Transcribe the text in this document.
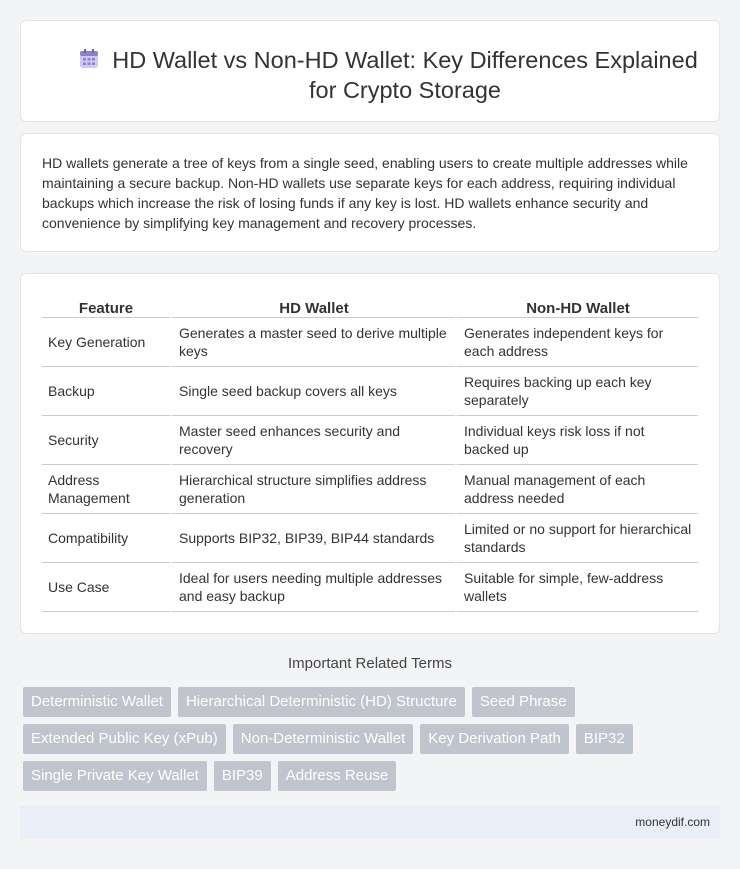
HD Wallet vs Non-HD Wallet: Key Differences Explained for Crypto Storage

HD wallets generate a tree of keys from a single seed, enabling users to create multiple addresses while maintaining a secure backup. Non-HD wallets use separate keys for each address, requiring individual backups which increase the risk of losing funds if any key is lost. HD wallets enhance security and convenience by simplifying key management and recovery processes.

Feature	HD Wallet	Non-HD Wallet
Key Generation	Generates a master seed to derive multiple keys	Generates independent keys for each address
Backup	Single seed backup covers all keys	Requires backing up each key separately
Security	Master seed enhances security and recovery	Individual keys risk loss if not backed up
Address Management	Hierarchical structure simplifies address generation	Manual management of each address needed
Compatibility	Supports BIP32, BIP39, BIP44 standards	Limited or no support for hierarchical standards
Use Case	Ideal for users needing multiple addresses and easy backup	Suitable for simple, few-address wallets
Important Related Terms
Deterministic Wallet	Hierarchical Deterministic (HD) Structure	Seed Phrase
Extended Public Key (xPub)	Non-Deterministic Wallet	Key Derivation Path	BIP32
Single Private Key Wallet	BIP39	Address Reuse
moneydif.com
